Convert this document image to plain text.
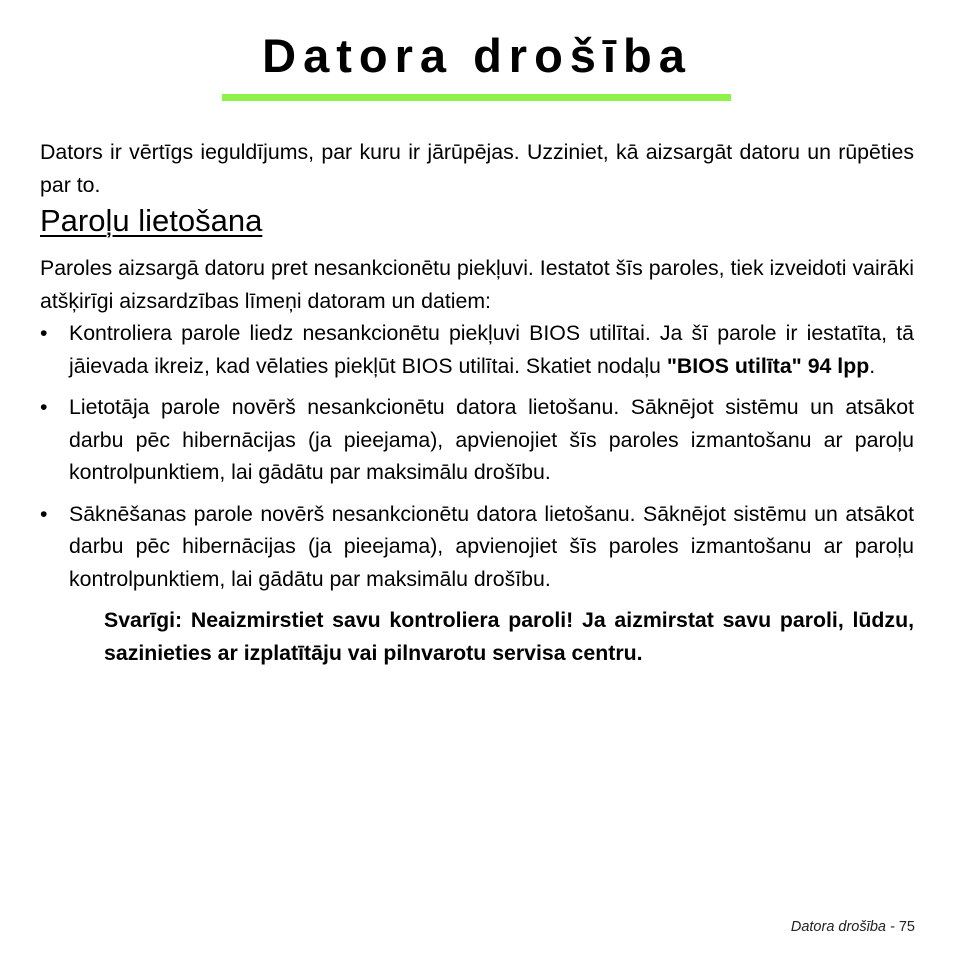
Datora drošība

Dators ir vērtīgs ieguldījums, par kuru ir jārūpējas. Uzziniet, kā aizsargāt datoru un rūpēties par to.

Paroļu lietošana

Paroles aizsargā datoru pret nesankcionētu piekļuvi. Iestatot šīs paroles, tiek izveidoti vairāki atšķirīgi aizsardzības līmeņi datoram un datiem:

• Kontroliera parole liedz nesankcionētu piekļuvi BIOS utilītai. Ja šī parole ir iestatīta, tā jāievada ikreiz, kad vēlaties piekļūt BIOS utilītai. Skatiet nodaļu "BIOS utilīta" 94 lpp.

• Lietotāja parole novērš nesankcionētu datora lietošanu. Sāknējot sistēmu un atsākot darbu pēc hibernācijas (ja pieejama), apvienojiet šīs paroles izmantošanu ar paroļu kontrolpunktiem, lai gādātu par maksimālu drošību.

• Sāknēšanas parole novērš nesankcionētu datora lietošanu. Sāknējot sistēmu un atsākot darbu pēc hibernācijas (ja pieejama), apvienojiet šīs paroles izmantošanu ar paroļu kontrolpunktiem, lai gādātu par maksimālu drošību.

Svarīgi: Neaizmirstiet savu kontroliera paroli! Ja aizmirstat savu paroli, lūdzu, sazinieties ar izplatītāju vai pilnvarotu servisa centru.

Datora drošība - 75
